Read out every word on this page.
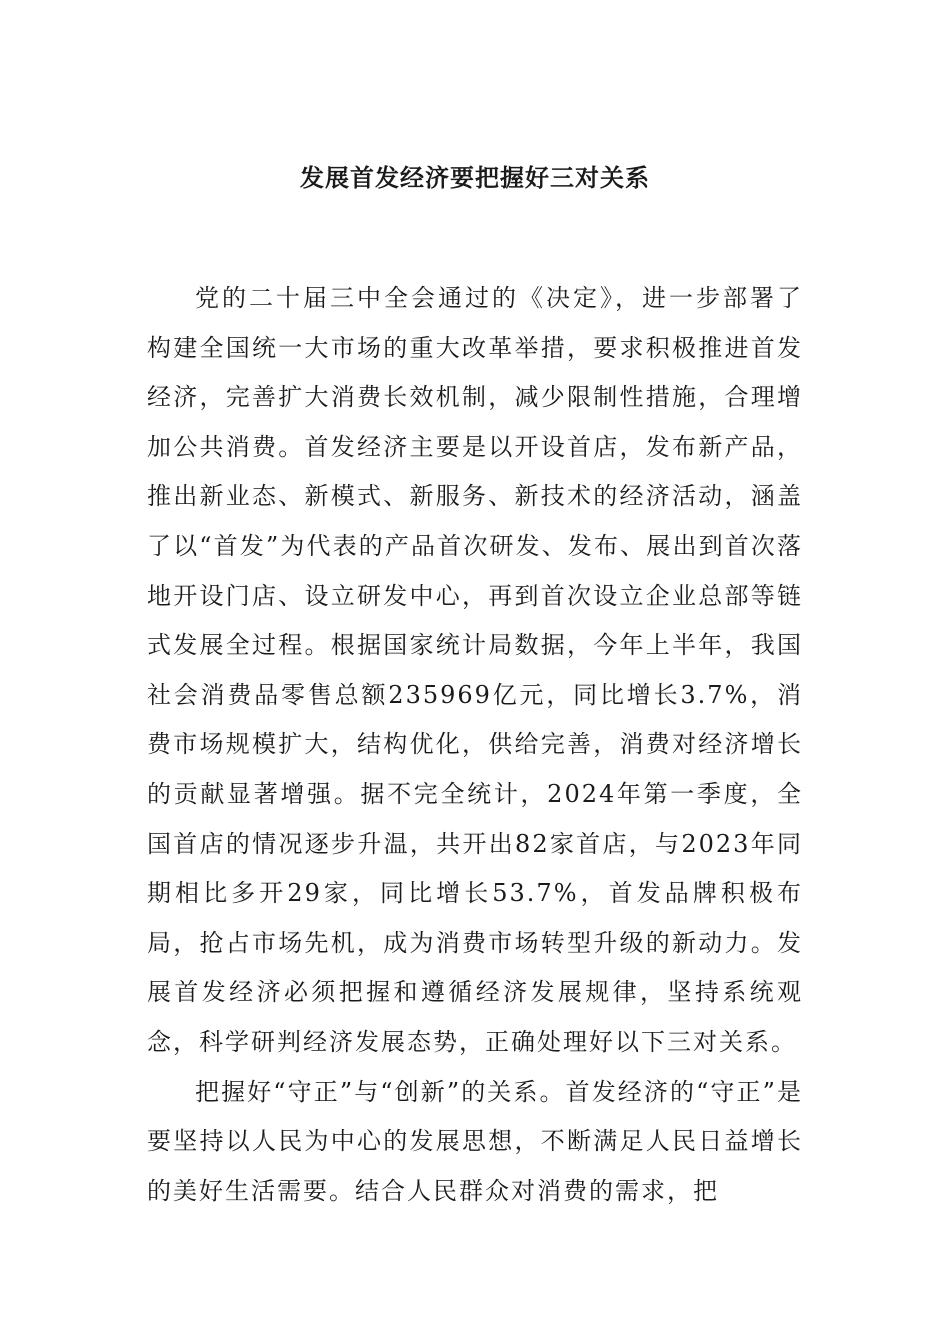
发展首发经济要把握好三对关系

党的二十届三中全会通过的《决定》，进一步部署了构建全国统一大市场的重大改革举措，要求积极推进首发经济，完善扩大消费长效机制，减少限制性措施，合理增加公共消费。首发经济主要是以开设首店，发布新产品，推出新业态、新模式、新服务、新技术的经济活动，涵盖了以“首发”为代表的产品首次研发、发布、展出到首次落地开设门店、设立研发中心，再到首次设立企业总部等链式发展全过程。根据国家统计局数据，今年上半年，我国社会消费品零售总额235969亿元，同比增长3.7%，消费市场规模扩大，结构优化，供给完善，消费对经济增长的贡献显著增强。据不完全统计，2024年第一季度，全国首店的情况逐步升温，共开出82家首店，与2023年同期相比多开29家，同比增长53.7%，首发品牌积极布局，抢占市场先机，成为消费市场转型升级的新动力。发展首发经济必须把握和遵循经济发展规律，坚持系统观念，科学研判经济发展态势，正确处理好以下三对关系。

把握好“守正”与“创新”的关系。首发经济的“守正”是要坚持以人民为中心的发展思想，不断满足人民日益增长的美好生活需要。结合人民群众对消费的需求，把
